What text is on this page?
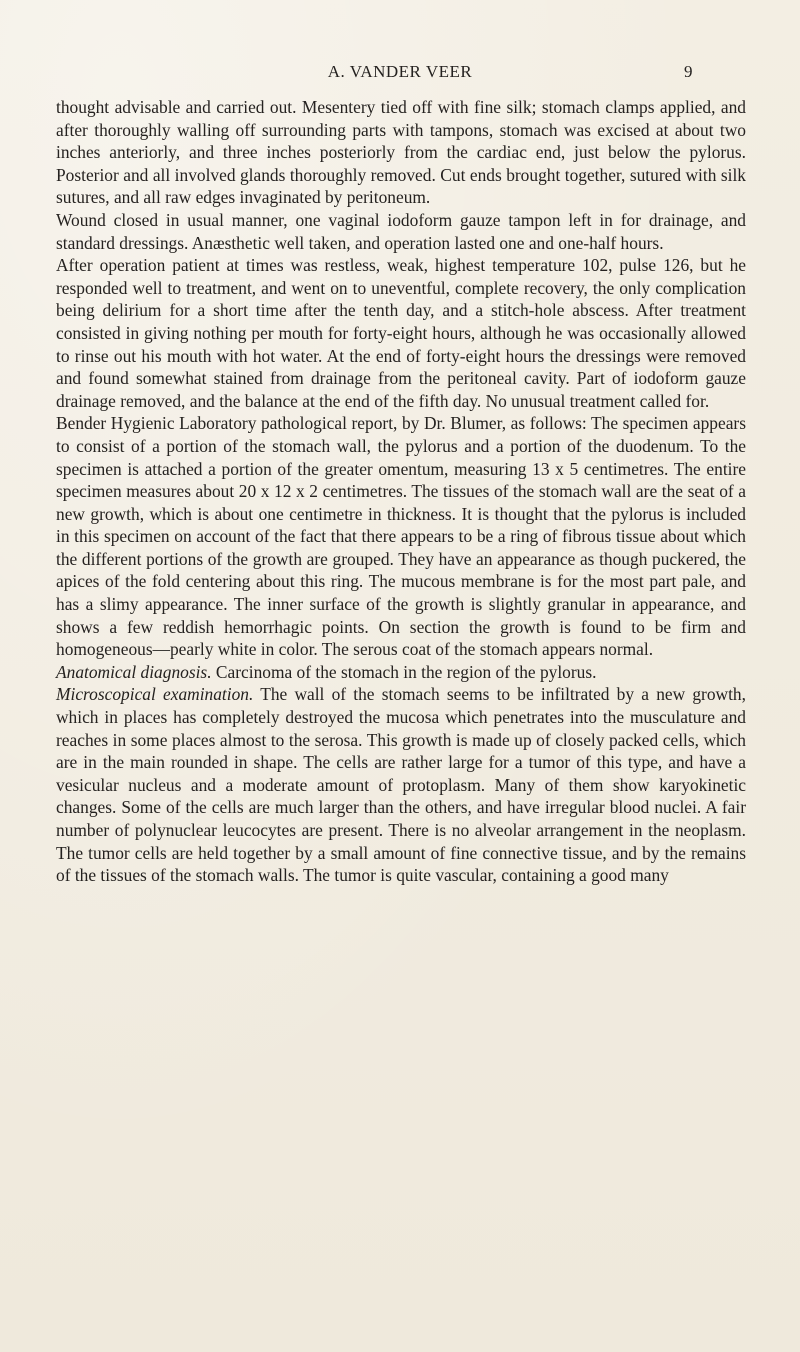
A. VANDER VEER	9

thought advisable and carried out. Mesentery tied off with fine silk; stomach clamps applied, and after thoroughly walling off surrounding parts with tampons, stomach was excised at about two inches anteriorly, and three inches posteriorly from the cardiac end, just below the pylorus. Posterior and all involved glands thoroughly removed. Cut ends brought together, sutured with silk sutures, and all raw edges invaginated by peritoneum.

Wound closed in usual manner, one vaginal iodoform gauze tampon left in for drainage, and standard dressings. Anæsthetic well taken, and operation lasted one and one-half hours.

After operation patient at times was restless, weak, highest temperature 102, pulse 126, but he responded well to treatment, and went on to uneventful, complete recovery, the only complication being delirium for a short time after the tenth day, and a stitch-hole abscess. After treatment consisted in giving nothing per mouth for forty-eight hours, although he was occasionally allowed to rinse out his mouth with hot water. At the end of forty-eight hours the dressings were removed and found somewhat stained from drainage from the peritoneal cavity. Part of iodoform gauze drainage removed, and the balance at the end of the fifth day. No unusual treatment called for.

Bender Hygienic Laboratory pathological report, by Dr. Blumer, as follows: The specimen appears to consist of a portion of the stomach wall, the pylorus and a portion of the duodenum. To the specimen is attached a portion of the greater omentum, measuring 13 x 5 centimetres. The entire specimen measures about 20 x 12 x 2 centimetres. The tissues of the stomach wall are the seat of a new growth, which is about one centimetre in thickness. It is thought that the pylorus is included in this specimen on account of the fact that there appears to be a ring of fibrous tissue about which the different portions of the growth are grouped. They have an appearance as though puckered, the apices of the fold centering about this ring. The mucous membrane is for the most part pale, and has a slimy appearance. The inner surface of the growth is slightly granular in appearance, and shows a few reddish hemorrhagic points. On section the growth is found to be firm and homogeneous—pearly white in color. The serous coat of the stomach appears normal.

Anatomical diagnosis. Carcinoma of the stomach in the region of the pylorus.

Microscopical examination. The wall of the stomach seems to be infiltrated by a new growth, which in places has completely destroyed the mucosa which penetrates into the musculature and reaches in some places almost to the serosa. This growth is made up of closely packed cells, which are in the main rounded in shape. The cells are rather large for a tumor of this type, and have a vesicular nucleus and a moderate amount of protoplasm. Many of them show karyokinetic changes. Some of the cells are much larger than the others, and have irregular blood nuclei. A fair number of polynuclear leucocytes are present. There is no alveolar arrangement in the neoplasm. The tumor cells are held together by a small amount of fine connective tissue, and by the remains of the tissues of the stomach walls. The tumor is quite vascular, containing a good many
